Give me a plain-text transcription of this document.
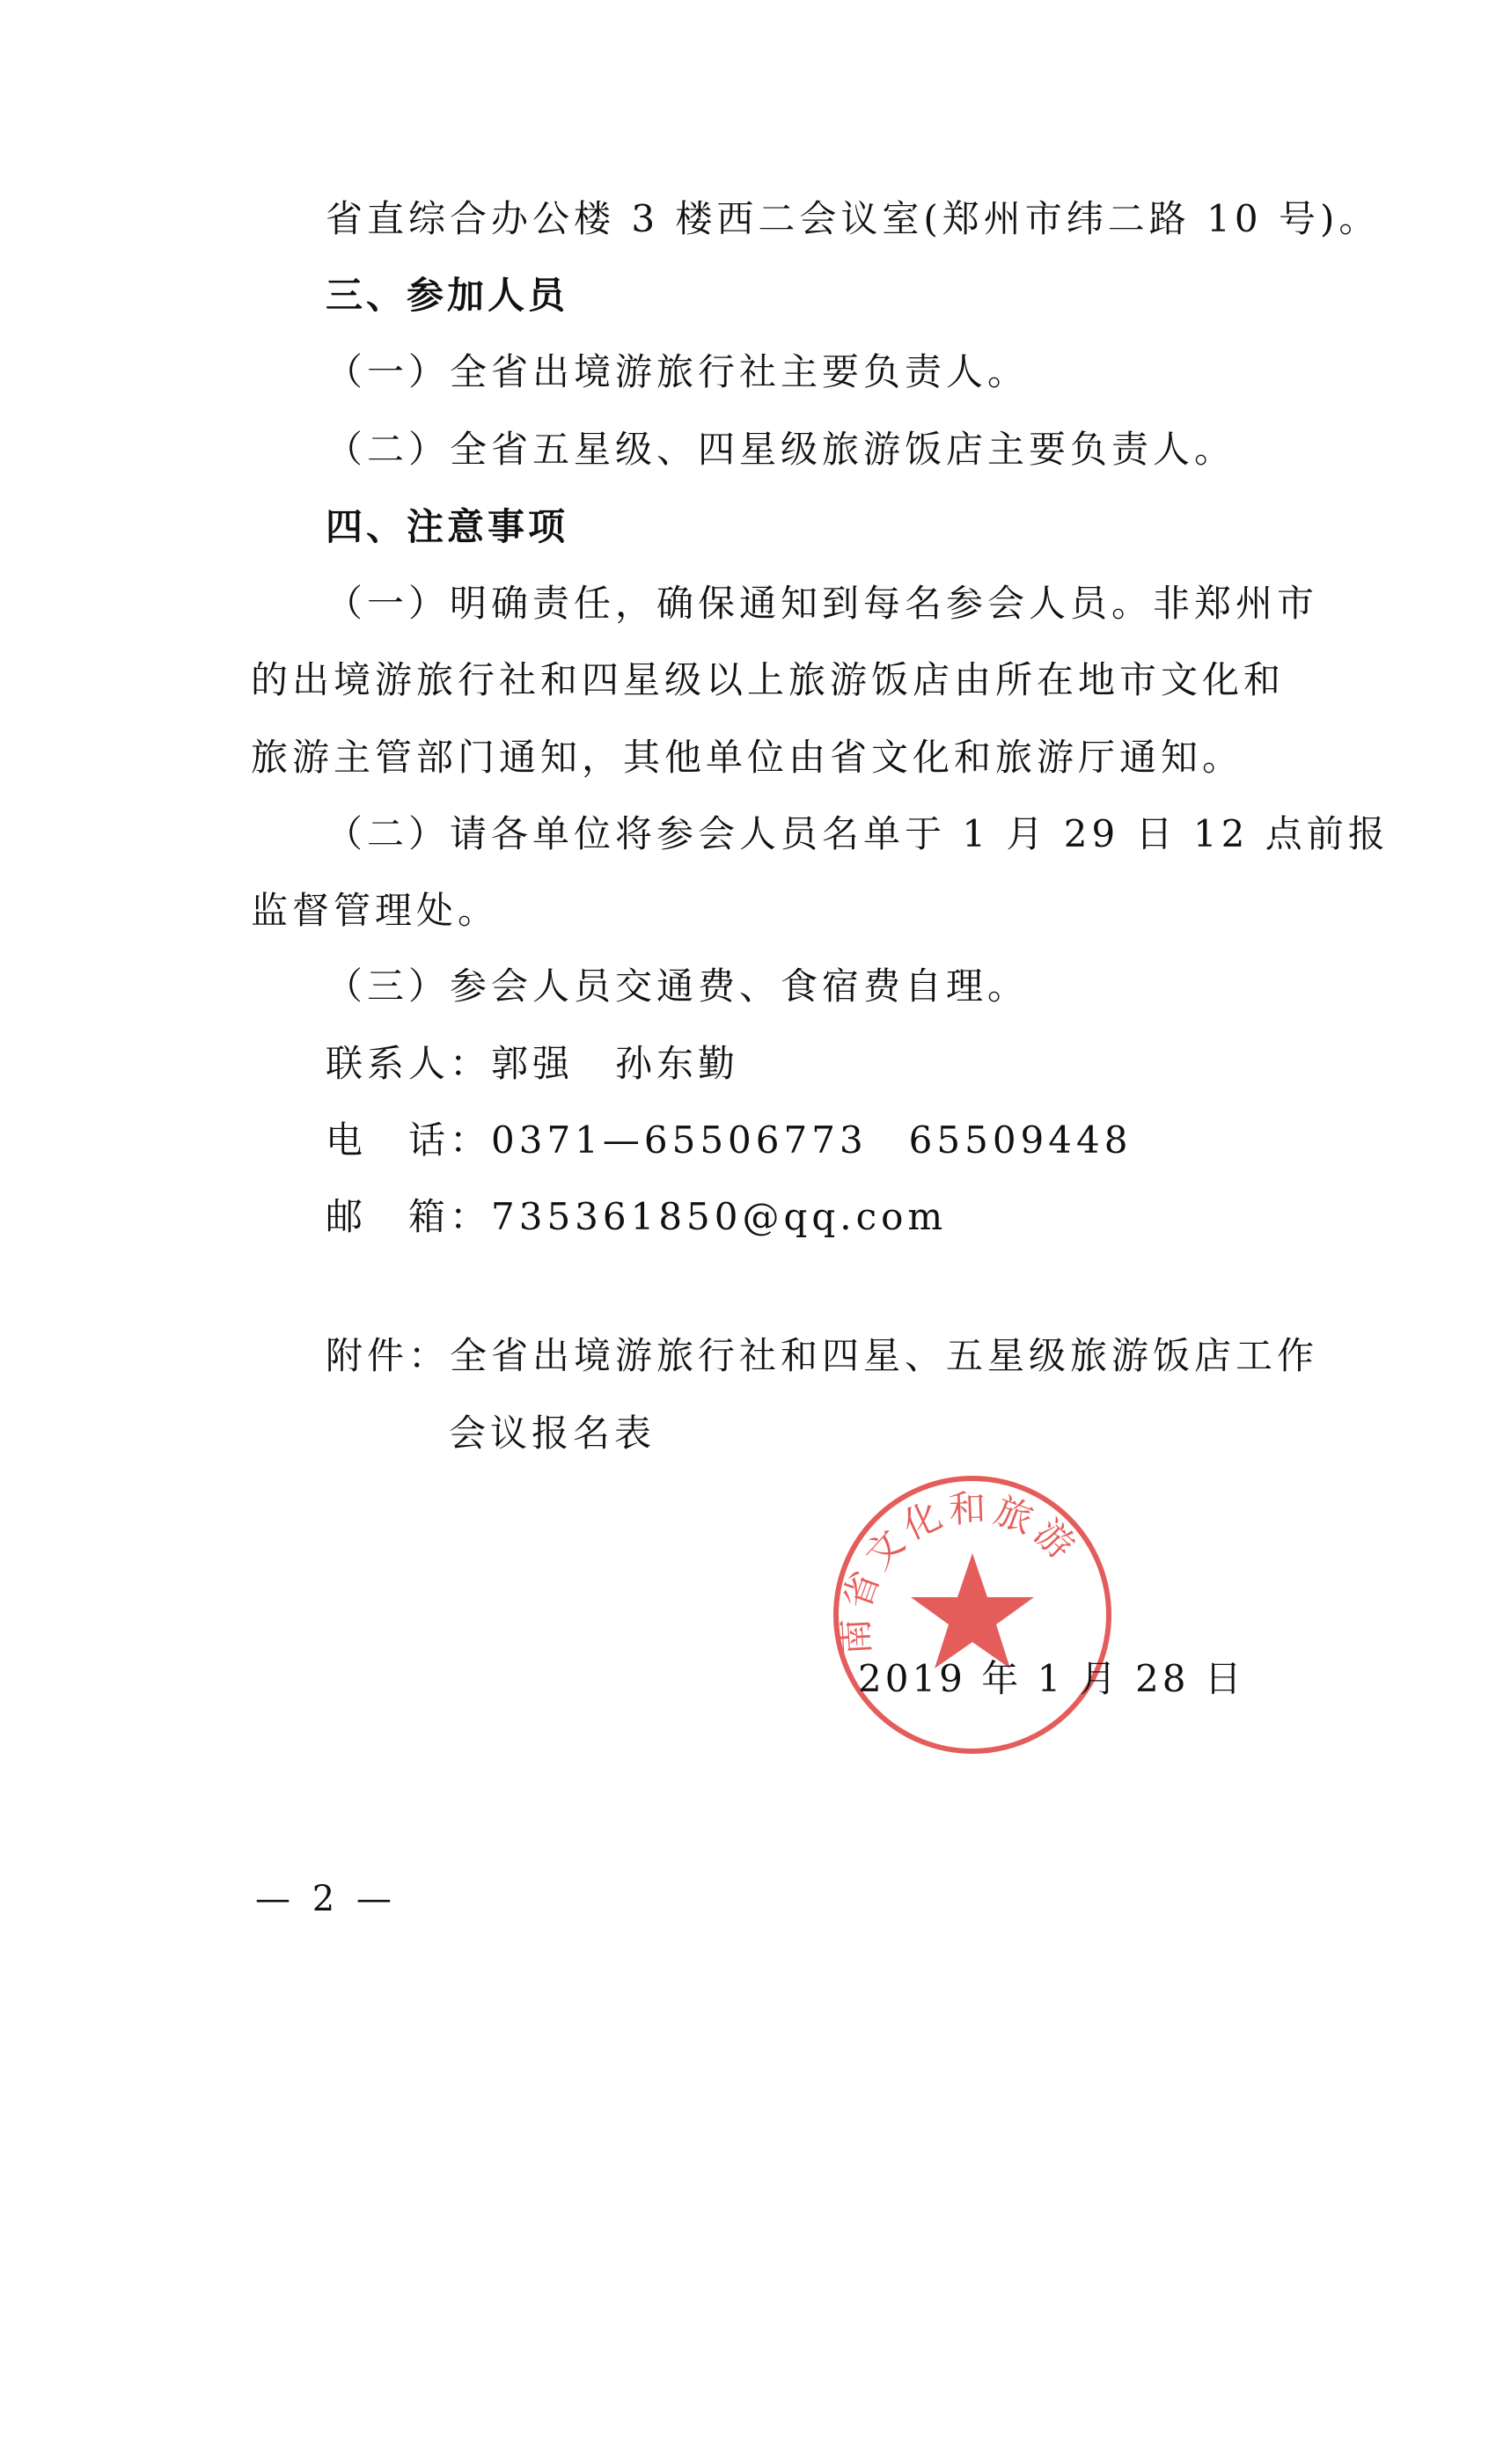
省直综合办公楼 3 楼西二会议室(郑州市纬二路 10 号)。
三、参加人员
（一）全省出境游旅行社主要负责人。
（二）全省五星级、四星级旅游饭店主要负责人。
四、注意事项
（一）明确责任，确保通知到每名参会人员。非郑州市
的出境游旅行社和四星级以上旅游饭店由所在地市文化和
旅游主管部门通知，其他单位由省文化和旅游厅通知。
（二）请各单位将参会人员名单于 1 月 29 日 12 点前报
监督管理处。
（三）参会人员交通费、食宿费自理。
联系人：郭强　孙东勤
电　话：0371—65506773　65509448
邮　箱：735361850@qq.com
附件：全省出境游旅行社和四星、五星级旅游饭店工作
会议报名表
南省文化和旅游
2019 年 1 月 28 日
— 2 —
